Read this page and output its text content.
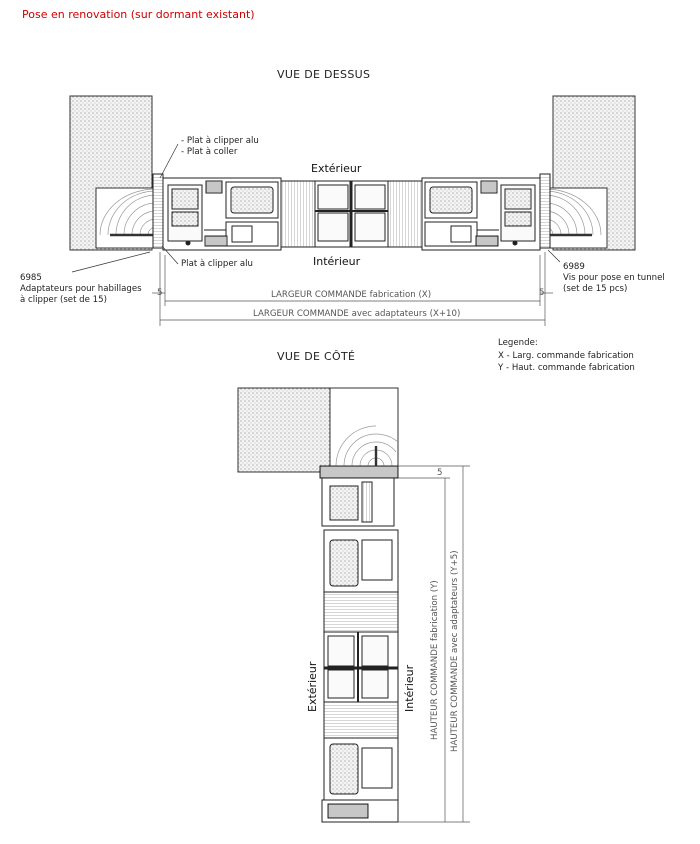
Pose en renovation (sur dormant existant)
VUE DE DESSUS
Extérieur
Intérieur
- Plat à clipper alu
- Plat à coller
Plat à clipper alu
6985
Adaptateurs pour habillages
à clipper (set de 15)
6989
Vis pour pose en tunnel
(set de 15 pcs)
5	5
LARGEUR COMMANDE fabrication (X)
LARGEUR COMMANDE avec adaptateurs (X+10)
Legende:
X - Larg. commande fabrication
Y - Haut. commande fabrication
VUE DE CÔTÉ
5
Extérieur	Intérieur HAUTEUR COMMANDE fabrication (Y) HAUTEUR COMMANDE avec adaptateurs (Y+5)
